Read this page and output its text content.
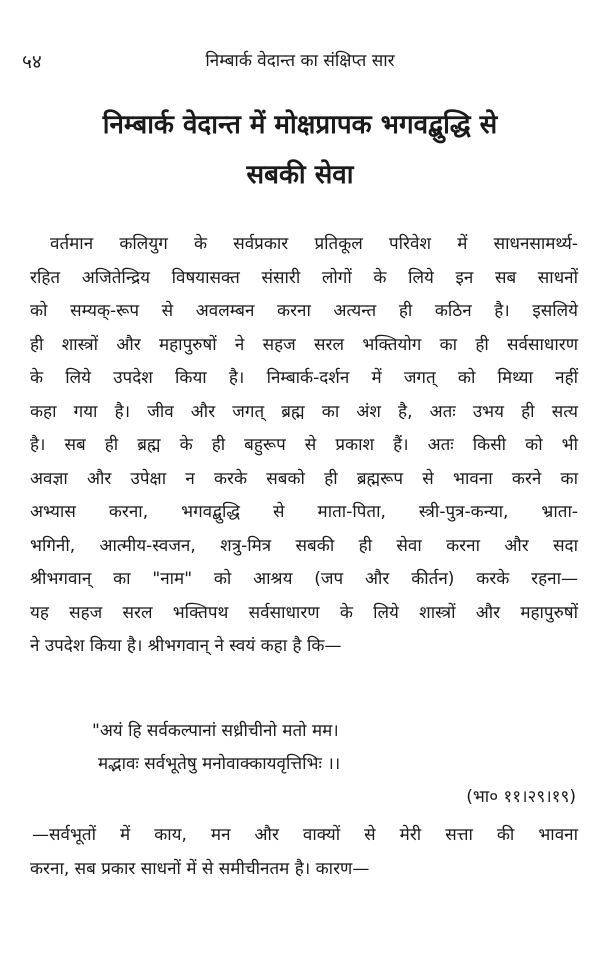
५४	निम्बार्क वेदान्त का संक्षिप्त सार
निम्बार्क वेदान्त में मोक्षप्रापक भगवद्बुद्धि से
सबकी सेवा
वर्तमान कलियुग के सर्वप्रकार प्रतिकूल परिवेश में साधनसामर्थ्य-
रहित अजितेन्द्रिय विषयासक्त संसारी लोगों के लिये इन सब साधनों
को सम्यक्-रूप से अवलम्बन करना अत्यन्त ही कठिन है। इसलिये
ही शास्त्रों और महापुरुषों ने सहज सरल भक्तियोग का ही सर्वसाधारण
के लिये उपदेश किया है। निम्बार्क-दर्शन में जगत् को मिथ्या नहीं
कहा गया है। जीव और जगत् ब्रह्म का अंश है, अतः उभय ही सत्य
है। सब ही ब्रह्म के ही बहुरूप से प्रकाश हैं। अतः किसी को भी
अवज्ञा और उपेक्षा न करके सबको ही ब्रह्मरूप से भावना करने का
अभ्यास करना, भगवद्बुद्धि से माता-पिता, स्त्री-पुत्र-कन्या, भ्राता-
भगिनी, आत्मीय-स्वजन, शत्रु-मित्र सबकी ही सेवा करना और सदा
श्रीभगवान् का "नाम" को आश्रय (जप और कीर्तन) करके रहना—
यह सहज सरल भक्तिपथ सर्वसाधारण के लिये शास्त्रों और महापुरुषों
ने उपदेश किया है। श्रीभगवान् ने स्वयं कहा है कि—
"अयं हि सर्वकल्पानां सध्रीचीनो मतो मम।
मद्भावः सर्वभूतेषु मनोवाक्कायवृत्तिभिः ।।
(भा० ११।२९।१९)
—सर्वभूतों में काय, मन और वाक्यों से मेरी सत्ता की भावना
करना, सब प्रकार साधनों में से समीचीनतम है। कारण—
